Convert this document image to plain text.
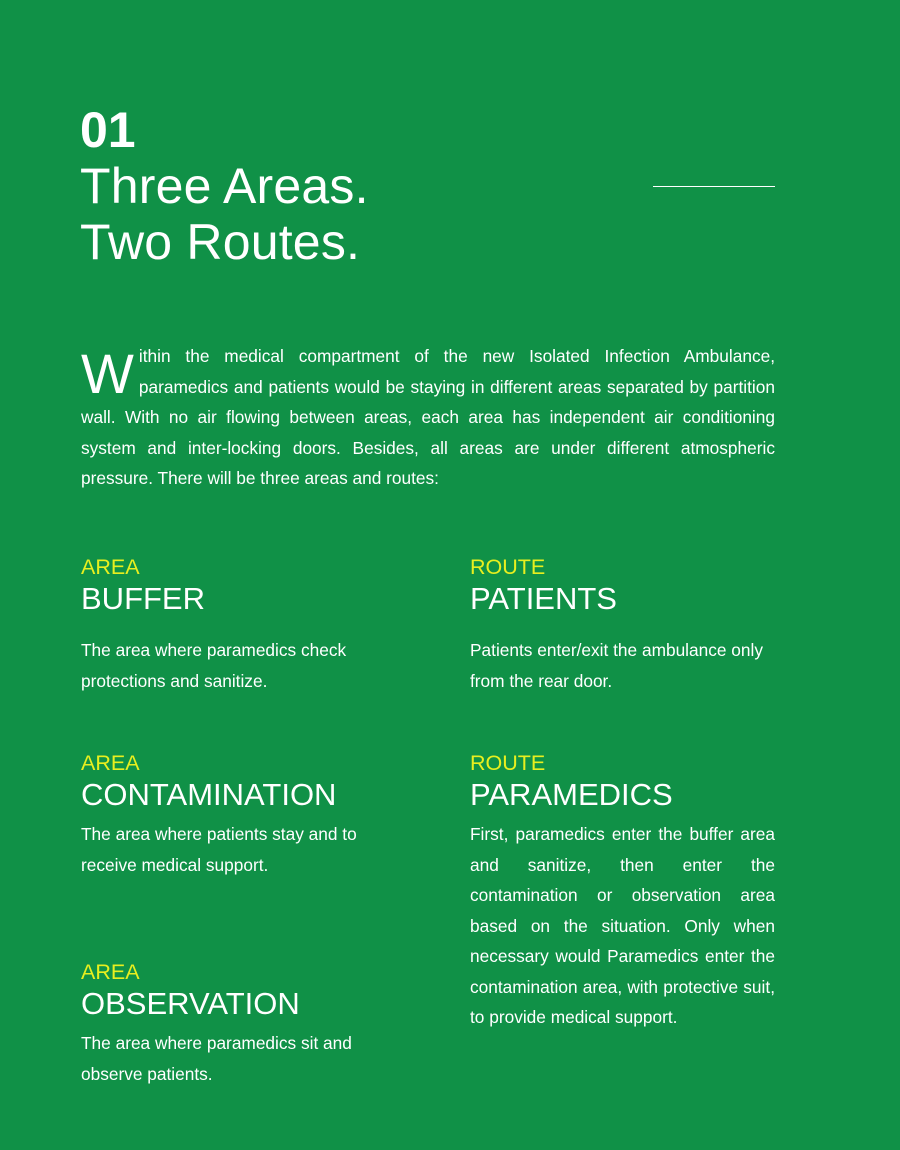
01
Three Areas.
Two Routes.

Within the medical compartment of the new Isolated Infection Ambulance, paramedics and patients would be staying in different areas separated by partition wall. With no air flowing between areas, each area has independent air conditioning system and inter-locking doors. Besides, all areas are under different atmospheric pressure. There will be three areas and routes:

AREA
BUFFER
The area where paramedics check protections and sanitize.
AREA
CONTAMINATION
The area where patients stay and to receive medical support.
AREA
OBSERVATION
The area where paramedics sit and observe patients.
ROUTE
PATIENTS
Patients enter/exit the ambulance only from the rear door.
ROUTE
PARAMEDICS
First, paramedics enter the buffer area and sanitize, then enter the contamination or observation area based on the situation. Only when necessary would Paramedics enter the contamination area, with protective suit, to provide medical support.
